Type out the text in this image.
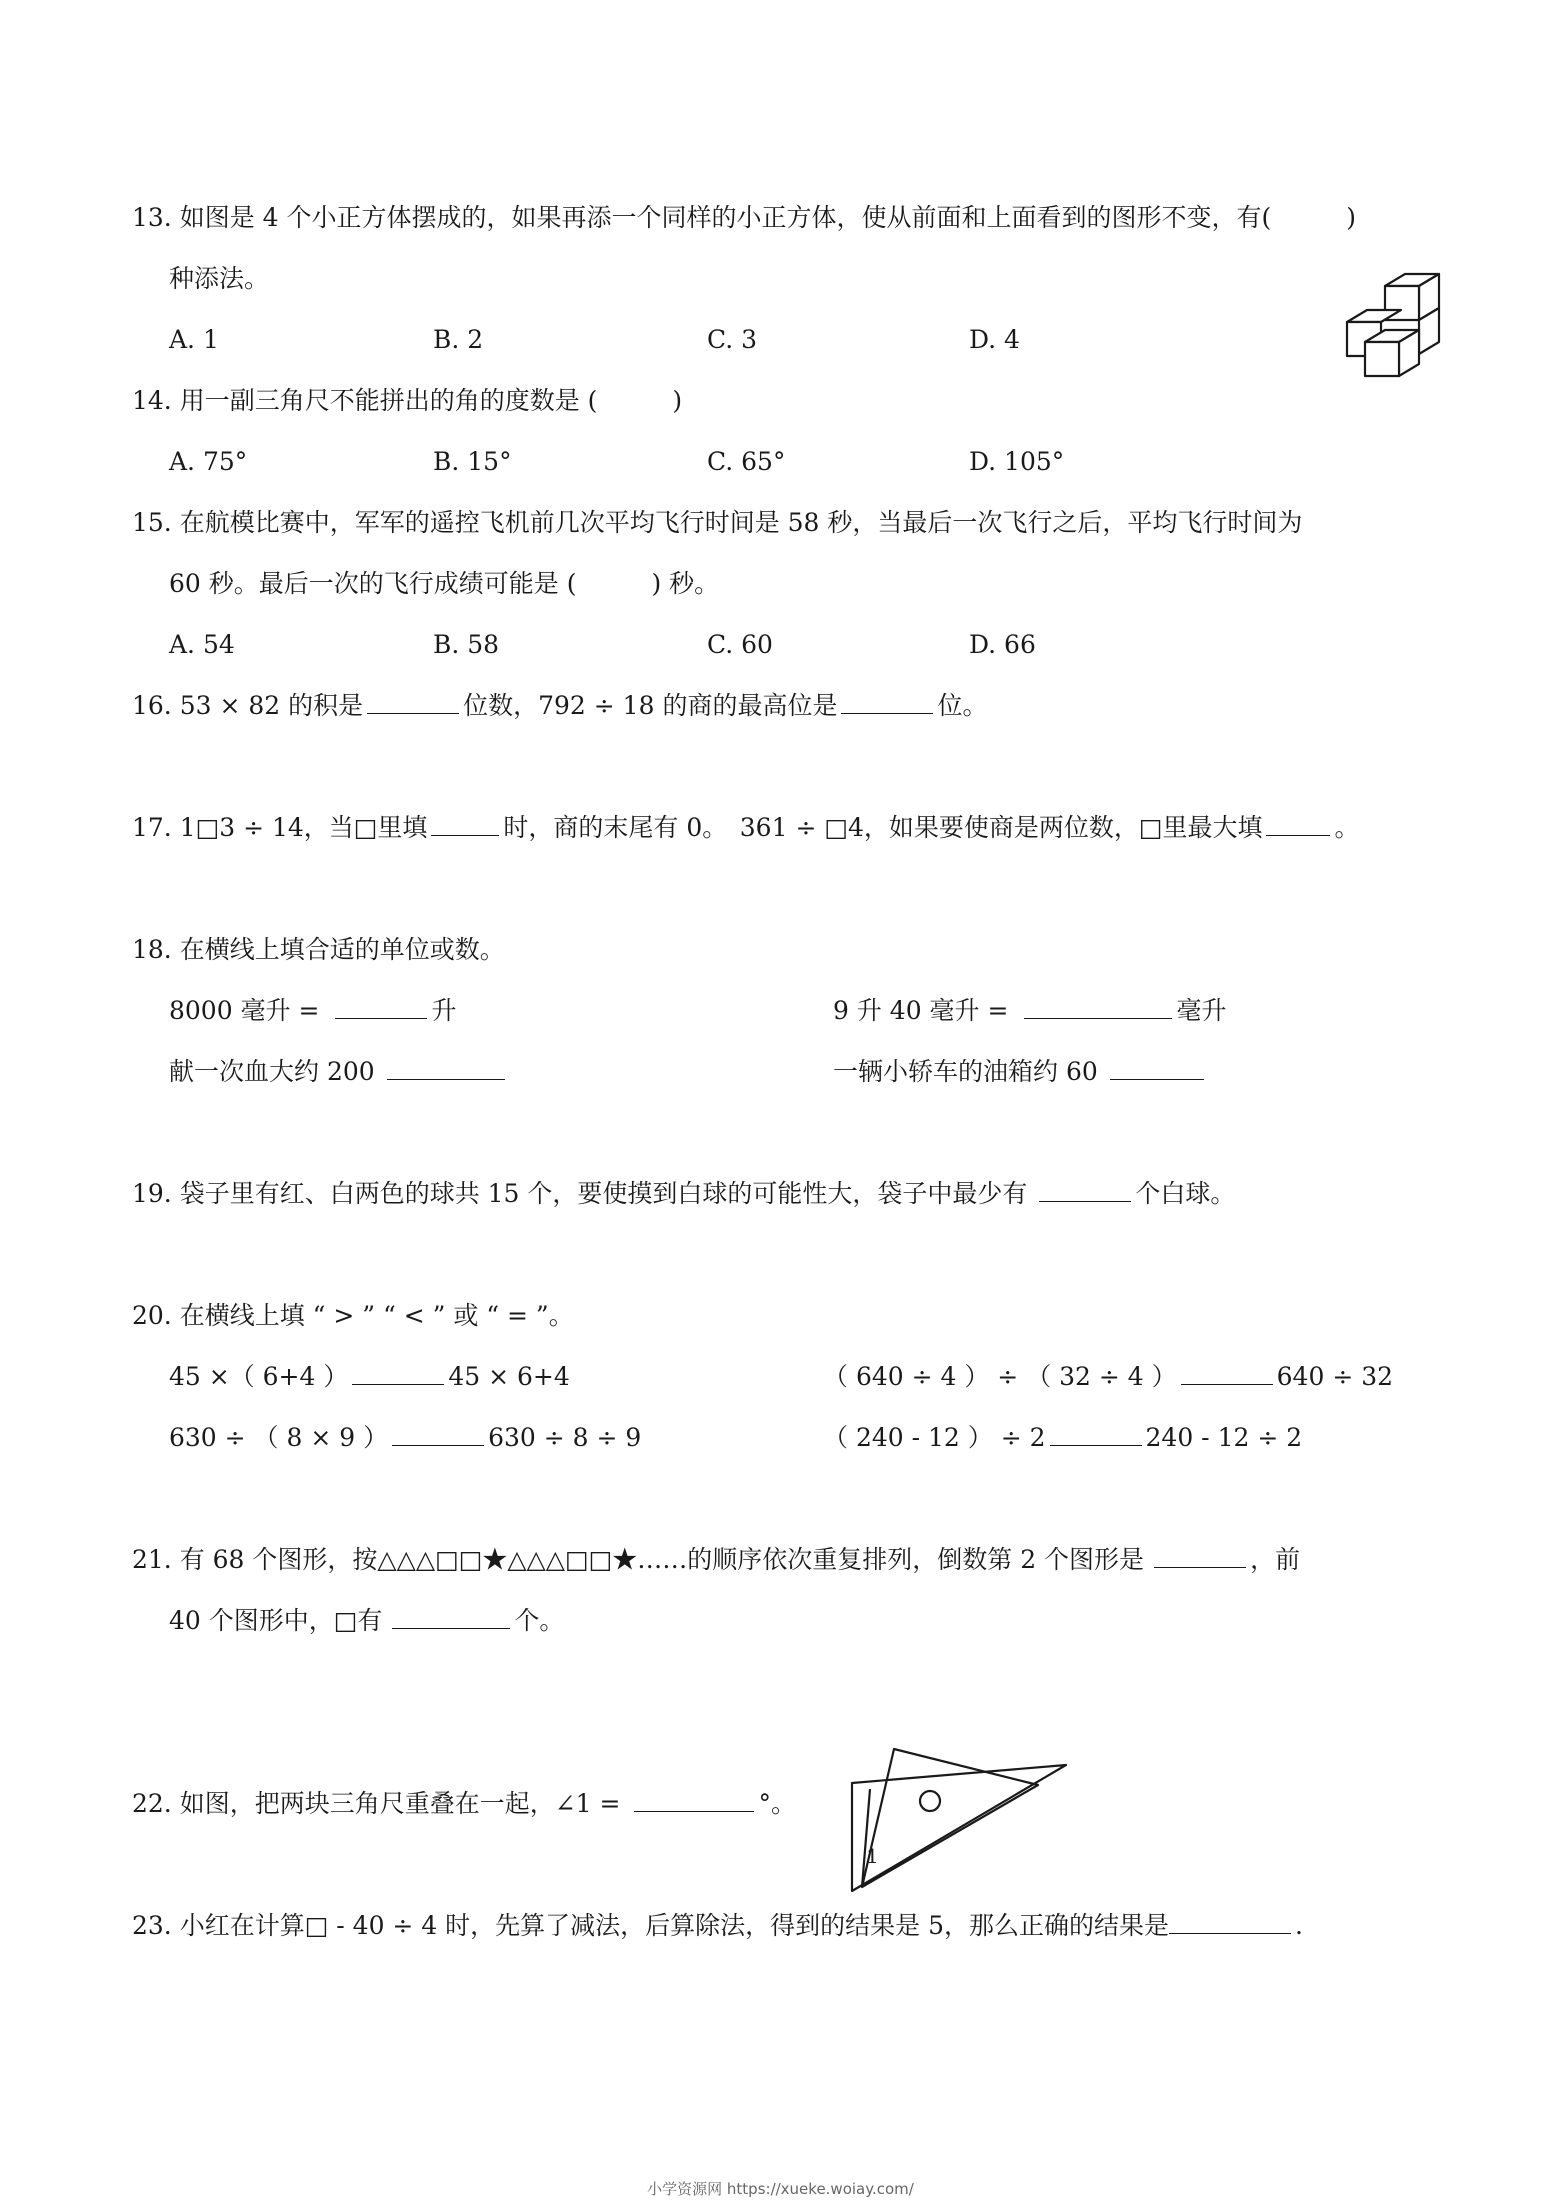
13. 如图是 4 个小正方体摆成的，如果再添一个同样的小正方体，使从前面和上面看到的图形不变，有(　　　)
种添法。
A. 1	B. 2	C. 3	D. 4
14. 用一副三角尺不能拼出的角的度数是 (　　　)
A. 75°	B. 15°	C. 65°	D. 105°
15. 在航模比赛中，军军的遥控飞机前几次平均飞行时间是 58 秒，当最后一次飞行之后，平均飞行时间为
60 秒。最后一次的飞行成绩可能是 (　　　) 秒。
A. 54	B. 58	C. 60	D. 66
16. 53 × 82 的积是	位数，792 ÷ 18 的商的最高位是	位。
17. 1□3 ÷ 14，当□里填	时，商的末尾有 0。　361 ÷ □4，如果要使商是两位数，□里最大填	。
18. 在横线上填合适的单位或数。
8000 毫升 =	升	9 升 40 毫升 =	毫升
献一次血大约 200	一辆小轿车的油箱约 60
19. 袋子里有红、白两色的球共 15 个，要使摸到白球的可能性大，袋子中最少有	个白球。
20. 在横线上填 “ > ” “ < ” 或 “ = ”。
45 ×（ 6+4 ）	45 × 6+4	（ 640 ÷ 4 ） ÷ （ 32 ÷ 4 ）	640 ÷ 32
630 ÷ （ 8 × 9 ）	630 ÷ 8 ÷ 9	（ 240 - 12 ） ÷ 2	240 - 12 ÷ 2
21. 有 68 个图形，按△△△□□★△△△□□★……的顺序依次重复排列，倒数第 2 个图形是	，前
40 个图形中，□有	个。
22. 如图，把两块三角尺重叠在一起，∠1 =	°。
1
23. 小红在计算□ - 40 ÷ 4 时，先算了减法，后算除法，得到的结果是 5，那么正确的结果是	.
小学资源网 https://xueke.woiay.com/
